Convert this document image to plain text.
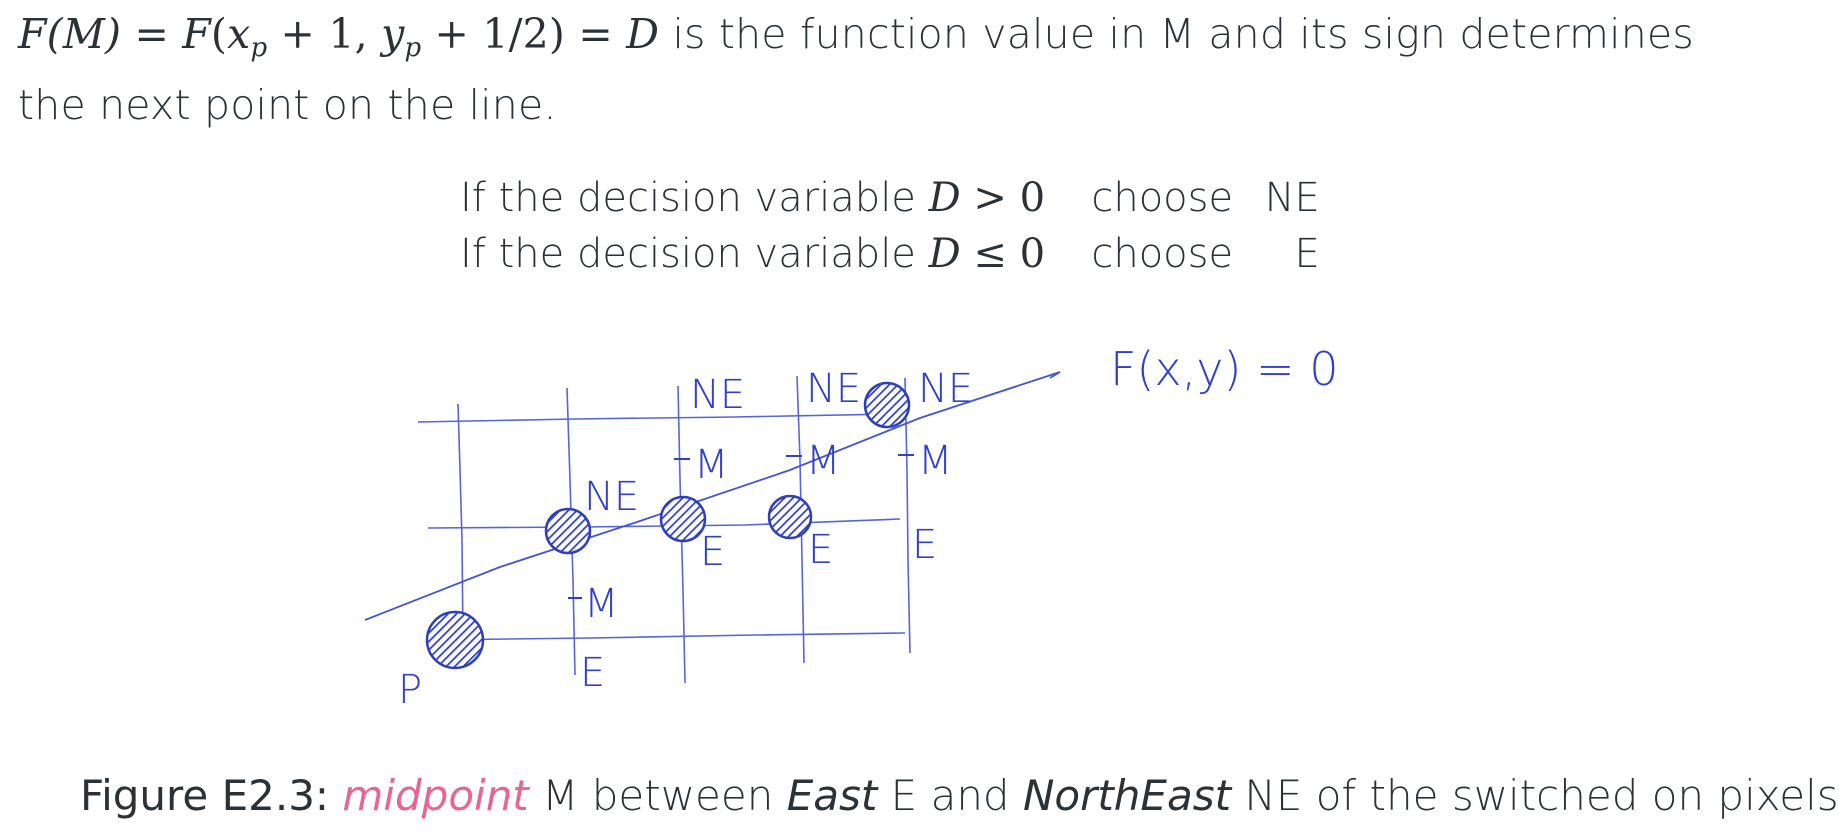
$F(M) = F(x_p + 1$, $y_p + 1/2) = D$ is the function value in M and its sign determines the next point on the line.
If the decision variable D > 0 choose NE
If the decision variable D ≤ 0 choose E
P
NE
NE NE NE
M
M M M
E
E E E
F(x,y) = 0
Figure E2.3: midpoint M between East E and NorthEast NE of the switched on pixels
